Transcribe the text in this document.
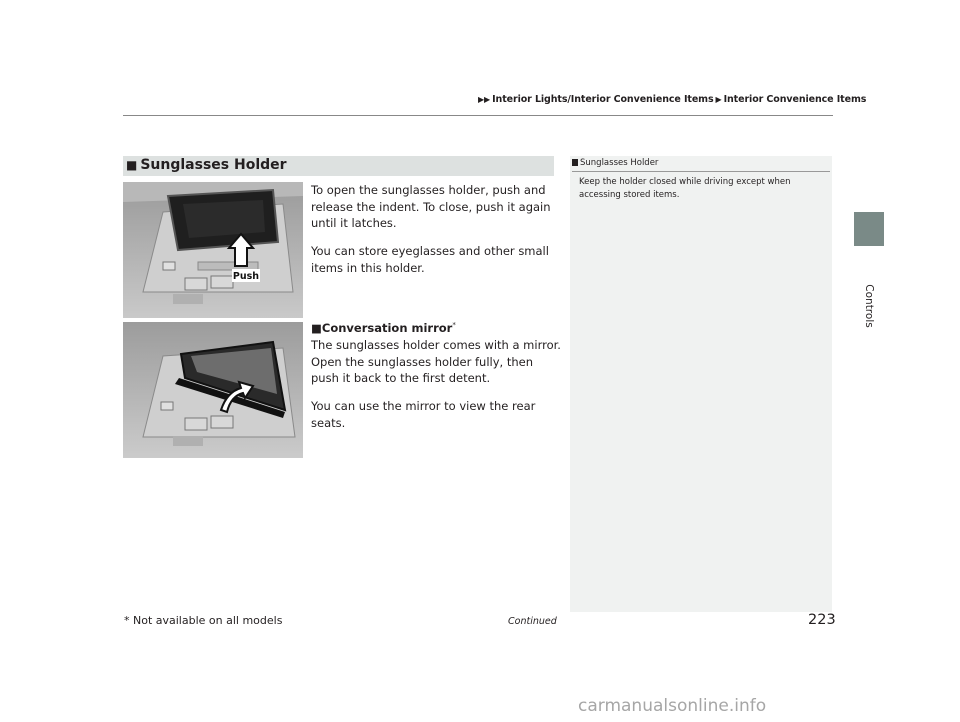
▶▶ Interior Lights/Interior Convenience Items ▶ Interior Convenience Items
Controls
■ Sunglasses Holder
Push
To open the sunglasses holder, push and release the indent. To close, push it again until it latches.
You can store eyeglasses and other small items in this holder.
■Conversation mirror*
The sunglasses holder comes with a mirror. Open the sunglasses holder fully, then push it back to the first detent.
You can use the mirror to view the rear seats.
Sunglasses Holder
Keep the holder closed while driving except when accessing stored items.
* Not available on all models	Continued	223
carmanualsonline.info
